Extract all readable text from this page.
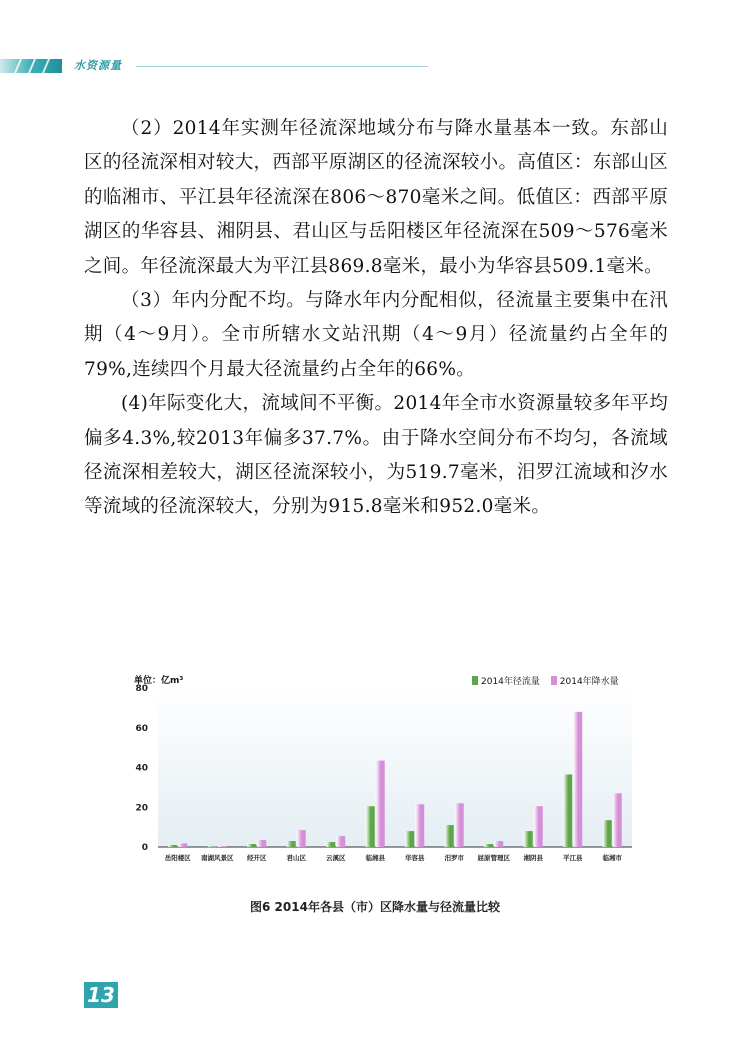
水资源量

（2）2014年实测年径流深地域分布与降水量基本一致。东部山区的径流深相对较大，西部平原湖区的径流深较小。高值区：东部山区的临湘市、平江县年径流深在806～870毫米之间。低值区：西部平原湖区的华容县、湘阴县、君山区与岳阳楼区年径流深在509～576毫米之间。年径流深最大为平江县869.8毫米，最小为华容县509.1毫米。

（3）年内分配不均。与降水年内分配相似，径流量主要集中在汛期（4～9月）。全市所辖水文站汛期（4～9月）径流量约占全年的79%,连续四个月最大径流量约占全年的66%。

(4)年际变化大，流域间不平衡。2014年全市水资源量较多年平均偏多4.3%,较2013年偏多37.7%。由于降水空间分布不均匀，各流域径流深相差较大，湖区径流深较小，为519.7毫米，汨罗江流域和汐水等流域的径流深较大，分别为915.8毫米和952.0毫米。

单位：亿m³	2014年径流量
2014年降水量
0
20
40
60
80
岳阳楼区 南湖风景区 经开区	君山区	云溪区	临湘县	华容县	汨罗市 屈原管理区 湘阴县	平江县	临湘市
图6 2014年各县（市）区降水量与径流量比较
13
